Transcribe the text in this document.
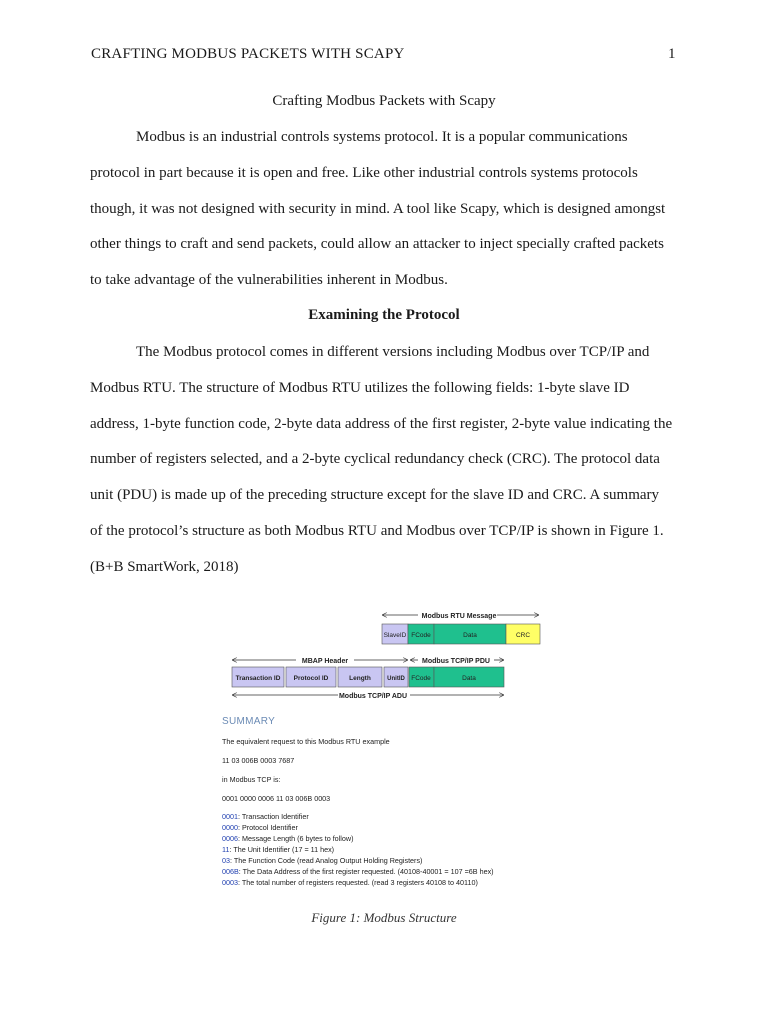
CRAFTING MODBUS PACKETS WITH SCAPY	1
Crafting Modbus Packets with Scapy
Modbus is an industrial controls systems protocol. It is a popular communications
protocol in part because it is open and free. Like other industrial controls systems protocols
though, it was not designed with security in mind. A tool like Scapy, which is designed amongst
other things to craft and send packets, could allow an attacker to inject specially crafted packets
to take advantage of the vulnerabilities inherent in Modbus.
Examining the Protocol
The Modbus protocol comes in different versions including Modbus over TCP/IP and
Modbus RTU. The structure of Modbus RTU utilizes the following fields: 1-byte slave ID
address, 1-byte function code, 2-byte data address of the first register, 2-byte value indicating the
number of registers selected, and a 2-byte cyclical redundancy check (CRC). The protocol data
unit (PDU) is made up of the preceding structure except for the slave ID and CRC. A summary
of the protocol’s structure as both Modbus RTU and Modbus over TCP/IP is shown in Figure 1.
(B+B SmartWork, 2018)
Modbus RTU Message
SlaveID FCode	Data	CRC
MBAP Header	Modbus TCP/IP PDU
Transaction ID Protocol ID	Length	UnitID FCode	Data
Modbus TCP/IP ADU
SUMMARY
The equivalent request to this Modbus RTU example
11 03 006B 0003 7687
in Modbus TCP is:
0001 0000 0006 11 03 006B 0003
0001: Transaction Identifier
0000: Protocol Identifier
0006: Message Length (6 bytes to follow)
11: The Unit Identifier (17 = 11 hex)
03: The Function Code (read Analog Output Holding Registers)
006B: The Data Address of the first register requested. (40108-40001 = 107 =6B hex)
0003: The total number of registers requested. (read 3 registers 40108 to 40110)
Figure 1: Modbus Structure
